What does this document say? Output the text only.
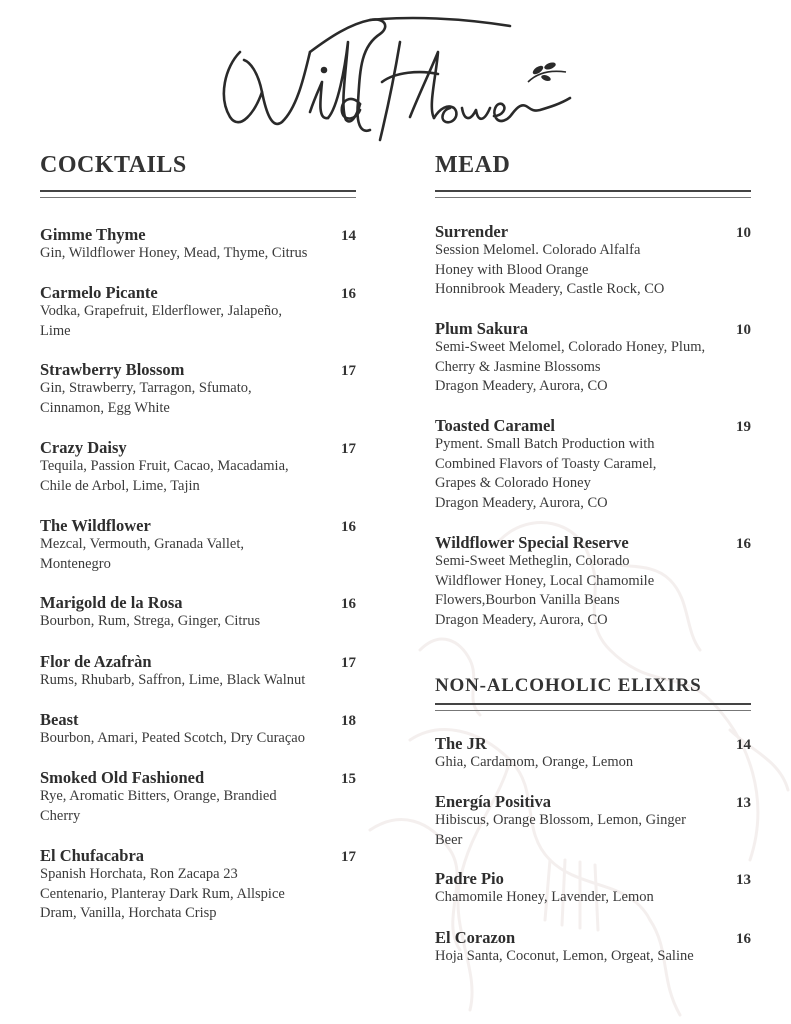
COCKTAILS
Gimme Thyme	14
Gin, Wildflower Honey, Mead, Thyme, Citrus
Carmelo Picante	16
Vodka, Grapefruit, Elderflower, Jalapeño,
Lime
Strawberry Blossom	17
Gin, Strawberry, Tarragon, Sfumato,
Cinnamon, Egg White
Crazy Daisy	17
Tequila, Passion Fruit, Cacao, Macadamia,
Chile de Arbol, Lime, Tajin
The Wildflower	16
Mezcal, Vermouth, Granada Vallet,
Montenegro
Marigold de la Rosa	16
Bourbon, Rum, Strega, Ginger, Citrus
Flor de Azafràn	17
Rums, Rhubarb, Saffron, Lime, Black Walnut
Beast	18
Bourbon, Amari, Peated Scotch, Dry Curaçao
Smoked Old Fashioned	15
Rye, Aromatic Bitters, Orange, Brandied
Cherry
El Chufacabra	17
Spanish Horchata, Ron Zacapa 23
Centenario, Planteray Dark Rum, Allspice
Dram, Vanilla, Horchata Crisp
MEAD
Surrender	10
Session Melomel. Colorado Alfalfa
Honey with Blood Orange
Honnibrook Meadery, Castle Rock, CO
Plum Sakura	10
Semi-Sweet Melomel, Colorado Honey, Plum,
Cherry & Jasmine Blossoms
Dragon Meadery, Aurora, CO
Toasted Caramel	19
Pyment. Small Batch Production with
Combined Flavors of Toasty Caramel,
Grapes & Colorado Honey
Dragon Meadery, Aurora, CO
Wildflower Special Reserve	16
Semi-Sweet Metheglin, Colorado
Wildflower Honey, Local Chamomile
Flowers,Bourbon Vanilla Beans
Dragon Meadery, Aurora, CO
NON-ALCOHOLIC ELIXIRS
The JR	14
Ghia, Cardamom, Orange, Lemon
Energía Positiva	13
Hibiscus, Orange Blossom, Lemon, Ginger
Beer
Padre Pio	13
Chamomile Honey, Lavender, Lemon
El Corazon	16
Hoja Santa, Coconut, Lemon, Orgeat, Saline
